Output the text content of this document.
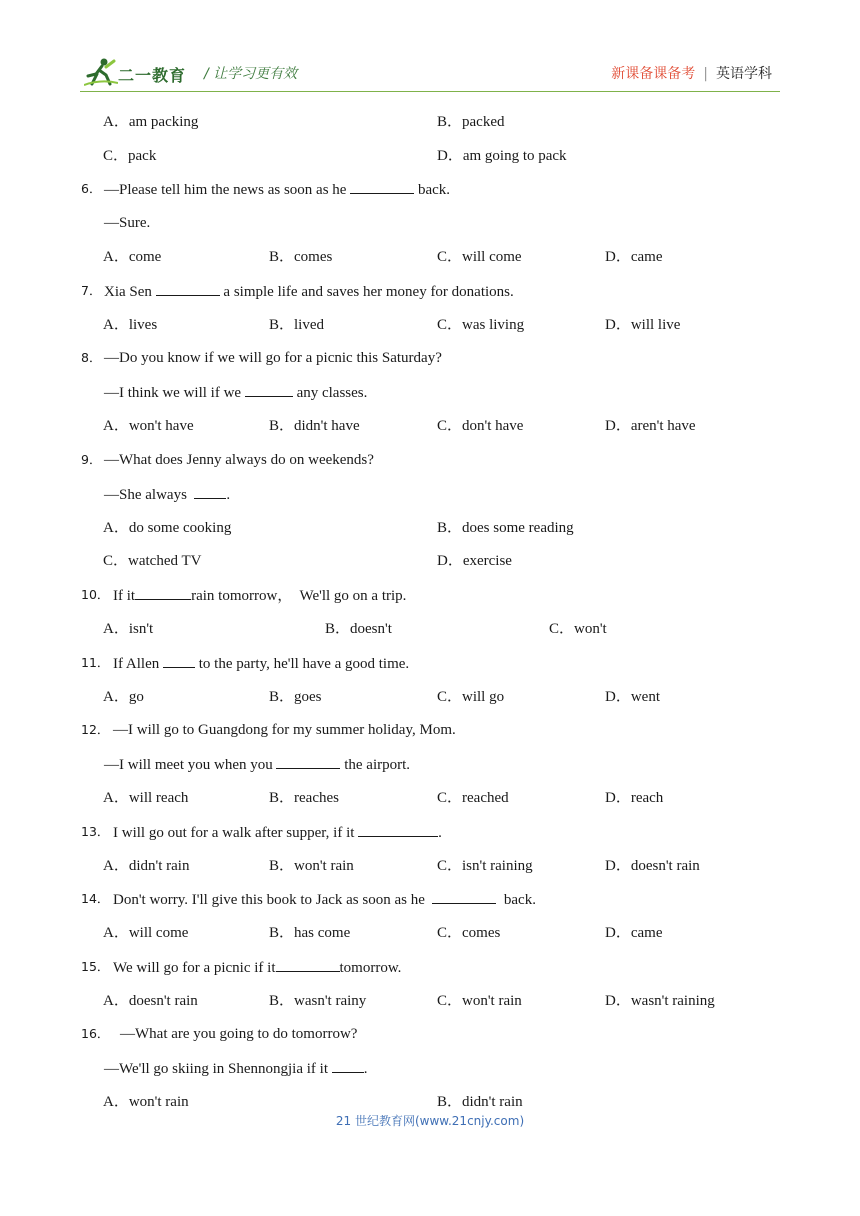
二一教育 / 让学习更有效	新课备课备考 | 英语学科
A．am packing	B．packed
C．pack	D．am going to pack
6． —Please tell him the news as soon as he	back.
—Sure.
A．come	B．comes	C．will come	D．came
7． Xia Sen	a simple life and saves her money for donations.
A．lives	B．lived	C．was living	D．will live
8． —Do you know if we will go for a picnic this Saturday?
—I think we will if we	any classes.
A．won't have	B．didn't have	C．don't have	D．aren't have
9． —What does Jenny always do on weekends?
—She always  .
A．do some cooking	B．does some reading
C．watched TV	D．exercise
10． If it	rain tomorrow，  We'll go on a trip.
A．isn't	B．doesn't	C．won't
11． If Allen  to the party, he'll have a good time.
A．go	B．goes	C．will go	D．went
12． —I will go to Guangdong for my summer holiday, Mom.
—I will meet you when you	the airport.
A．will reach	B．reaches	C．reached	D．reach
13． I will go out for a walk after supper, if it	.
A．didn't rain	B．won't rain	C．isn't raining	D．doesn't rain
14． Don't worry. I'll give this book to Jack as soon as he	back.
A．will come	B．has come	C．comes	D．came
15． We will go for a picnic if it	tomorrow.
A．doesn't rain	B．wasn't rainy	C．won't rain	D．wasn't raining
16． —What are you going to do tomorrow?
—We'll go skiing in Shennongjia if it .
A．won't rain	B．didn't rain
21 世纪教育网(www.21cnjy.com)
